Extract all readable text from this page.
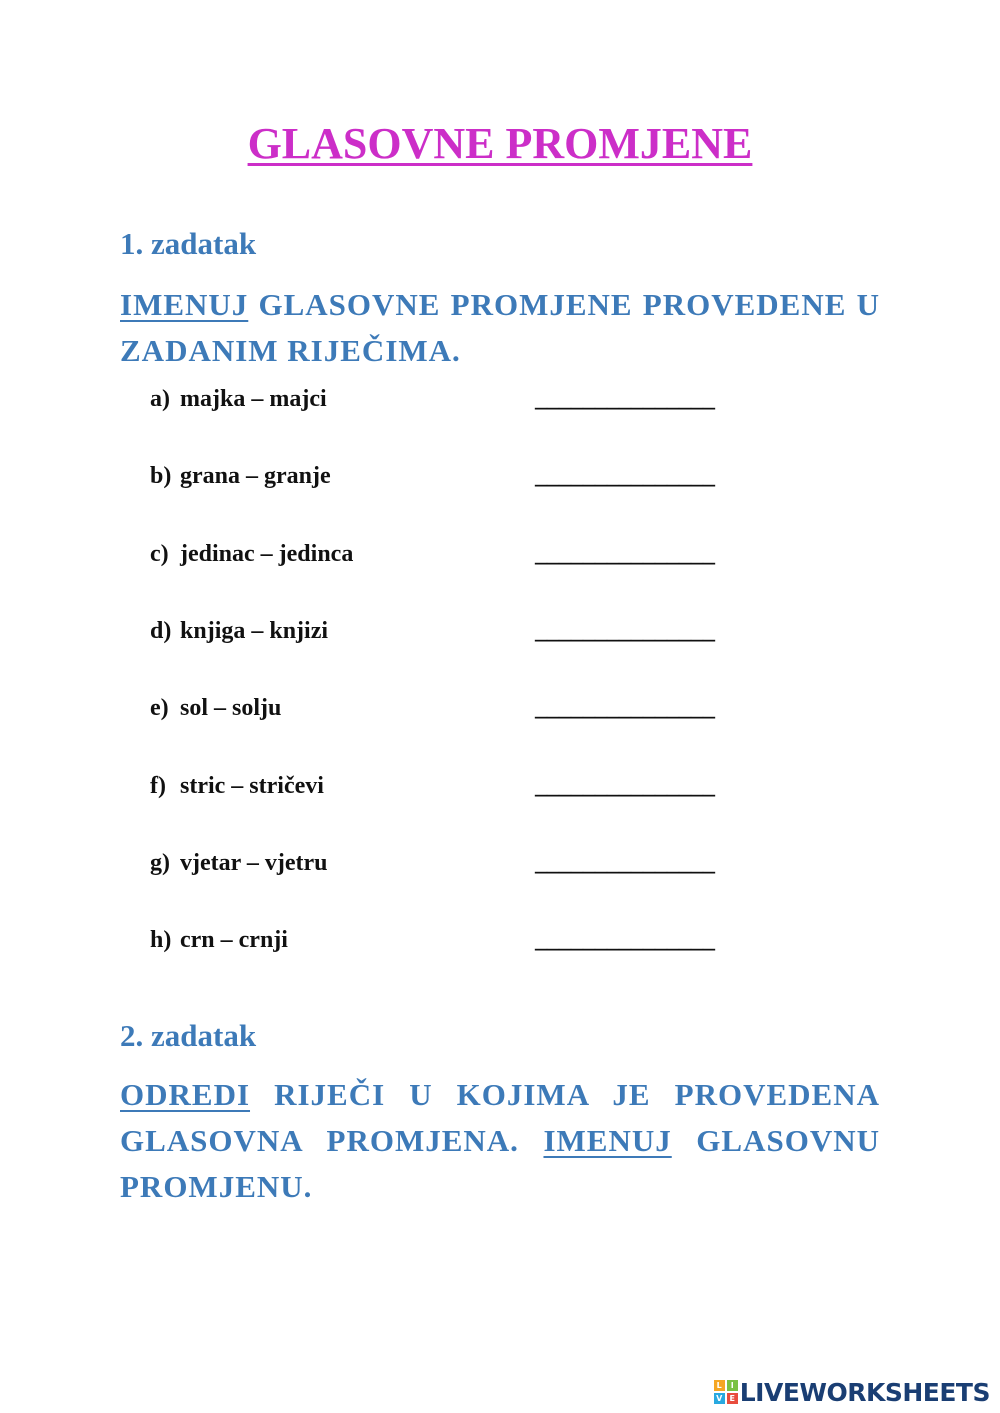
GLASOVNE PROMJENE
1. zadatak

IMENUJ GLASOVNE PROMJENE PROVEDENE U ZADANIM RIJEČIMA.

a) majka – majci	_______________
b) grana – granje	_______________
c) jedinac – jedinca	_______________
d) knjiga – knjizi	_______________
e) sol – solju	_______________
f) stric – stričevi	_______________
g) vjetar – vjetru	_______________
h) crn – crnji	_______________
2. zadatak

ODREDI RIJEČI U KOJIMA JE PROVEDENA GLASOVNA PROMJENA. IMENUJ GLASOVNU PROMJENU.

L	I
V E LIVEWORKSHEETS
